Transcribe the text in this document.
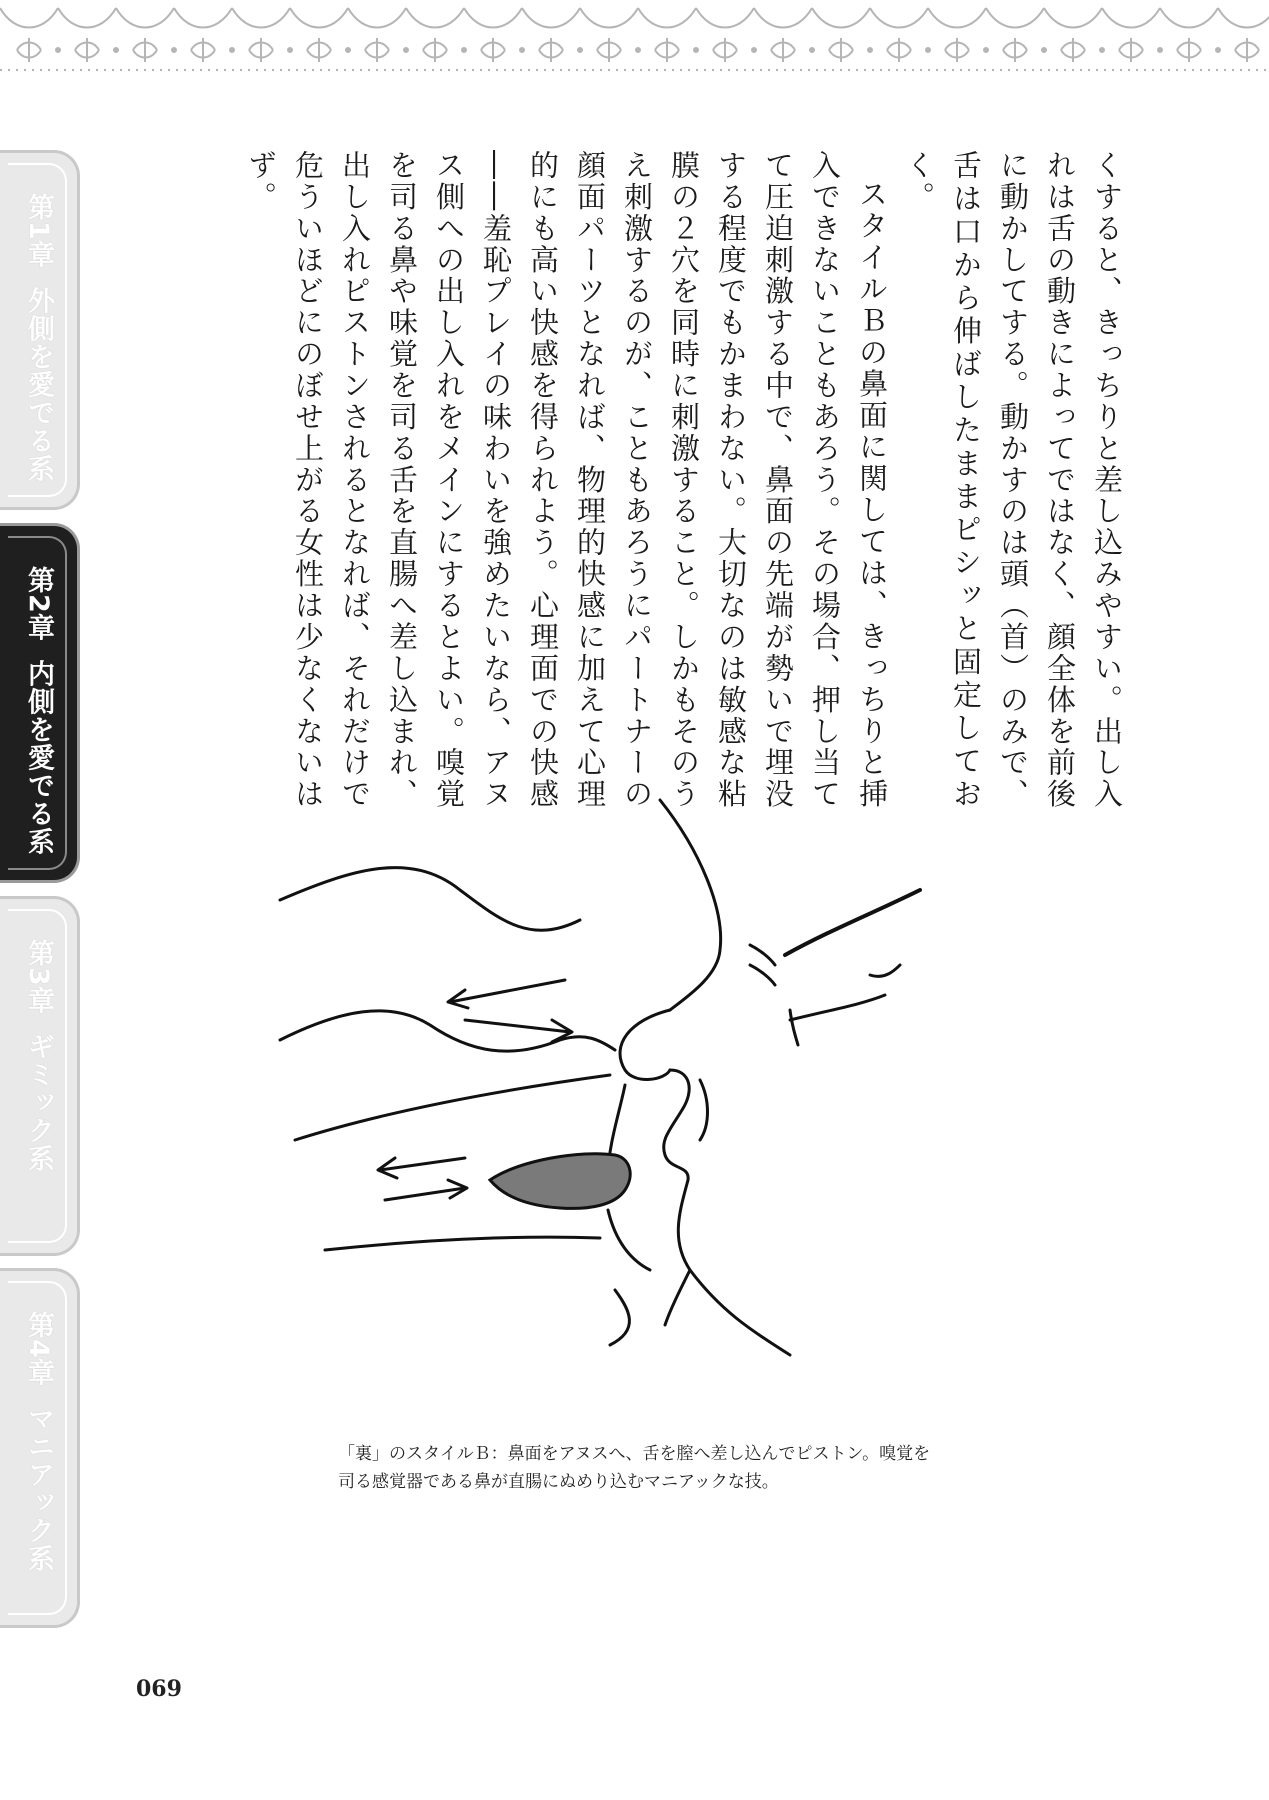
第1章外側を愛でる系
第2章内側を愛でる系
第3章ギミック系
第4章マニアック系

くすると、きっちりと差し込みやすい。出し入れは舌の動きによってではなく、顔全体を前後に動かしてする。動かすのは頭（首）のみで、舌は口から伸ばしたままピシッと固定しておく。

スタイルＢの鼻面に関しては、きっちりと挿入できないこともあろう。その場合、押し当てて圧迫刺激する中で、鼻面の先端が勢いで埋没する程度でもかまわない。大切なのは敏感な粘膜の２穴を同時に刺激すること。しかもそのうえ刺激するのが、こともあろうにパートナーの顔面パーツとなれば、物理的快感に加えて心理的にも高い快感を得られよう。心理面での快感――羞恥プレイの味わいを強めたいなら、アヌス側への出し入れをメインにするとよい。嗅覚を司る鼻や味覚を司る舌を直腸へ差し込まれ、出し入れピストンされるとなれば、それだけで危ういほどにのぼせ上がる女性は少なくないはず。

「裏」のスタイルＢ：鼻面をアヌスへ、舌を膣へ差し込んでピストン。嗅覚を
司る感覚器である鼻が直腸にぬめり込むマニアックな技。
069
